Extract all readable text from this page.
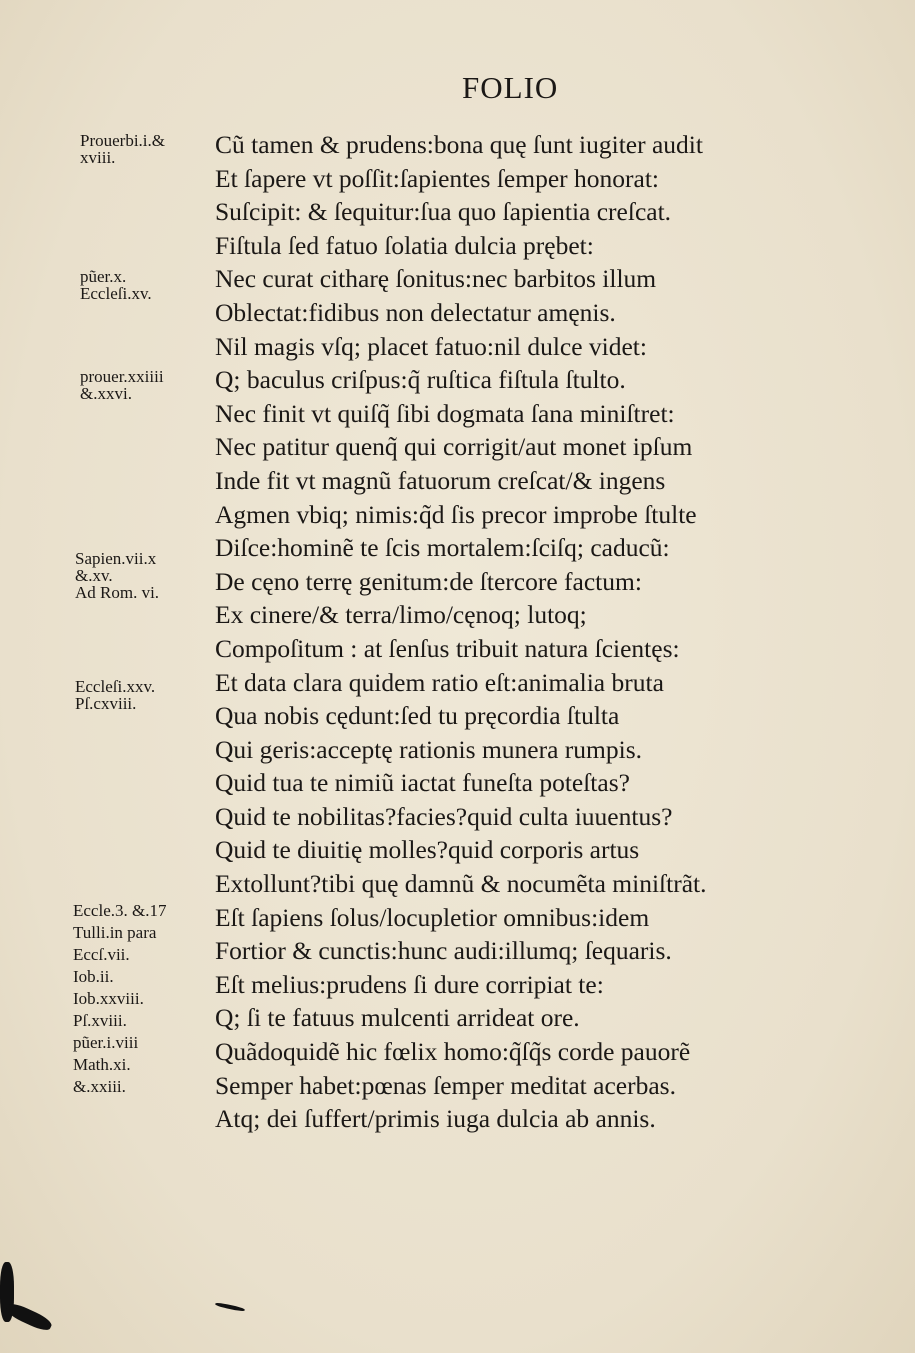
FOLIO
Cũ tamen & prudens:bona quę ſunt iugiter audit
Et ſapere vt poſſit:ſapientes ſemper honorat:
Suſcipit: & ſequitur:ſua quo ſapientia creſcat.
Fiſtula ſed fatuo ſolatia dulcia prębet:
Nec curat citharę ſonitus:nec barbitos illum
Oblectat:fidibus non delectatur amęnis.
Nil magis vſq; placet fatuo:nil dulce videt:
Q; baculus criſpus:q̃ ruſtica fiſtula ſtulto.
Nec finit vt quiſq̃ ſibi dogmata ſana miniſtret:
Nec patitur quenq̃ qui corrigit/aut monet ipſum
Inde fit vt magnũ fatuorum creſcat/& ingens
Agmen vbiq; nimis:q̃d ſis precor improbe ſtulte
Diſce:hominẽ te ſcis mortalem:ſciſq; caducũ:
De cęno terrę genitum:de ſtercore factum:
Ex cinere/& terra/limo/cęnoq; lutoq;
Compoſitum : at ſenſus tribuit natura ſcientęs:
Et data clara quidem ratio eſt:animalia bruta
Qua nobis cędunt:ſed tu pręcordia ſtulta
Qui geris:acceptę rationis munera rumpis.
Quid tua te nimiũ iactat funeſta poteſtas?
Quid te nobilitas?facies?quid culta iuuentus?
Quid te diuitię molles?quid corporis artus
Extollunt?tibi quę damnũ & nocumẽta miniſtrãt.
Eſt ſapiens ſolus/locupletior omnibus:idem
Fortior & cunctis:hunc audi:illumq; ſequaris.
Eſt melius:prudens ſi dure corripiat te:
Q; ſi te fatuus mulcenti arrideat ore.
Quãdoquidẽ hic fœlix homo:q̃ſq̃s corde pauorẽ
Semper habet:pœnas ſemper meditat acerbas.
Atq; dei ſuffert/primis iuga dulcia ab annis.
Prouerbi.i.&
xviii.
pũer.x.
Eccleſi.xv.
prouer.xxiiii
&.xxvi.
Sapien.vii.x
&.xv.
Ad Rom. vi.
Eccleſi.xxv.
Pſ.cxviii.
Eccle.3. &.17
Tulli.in para
Eccſ.vii.
Iob.ii.
Iob.xxviii.
Pſ.xviii.
pũer.i.viii
Math.xi.
&.xxiii.
